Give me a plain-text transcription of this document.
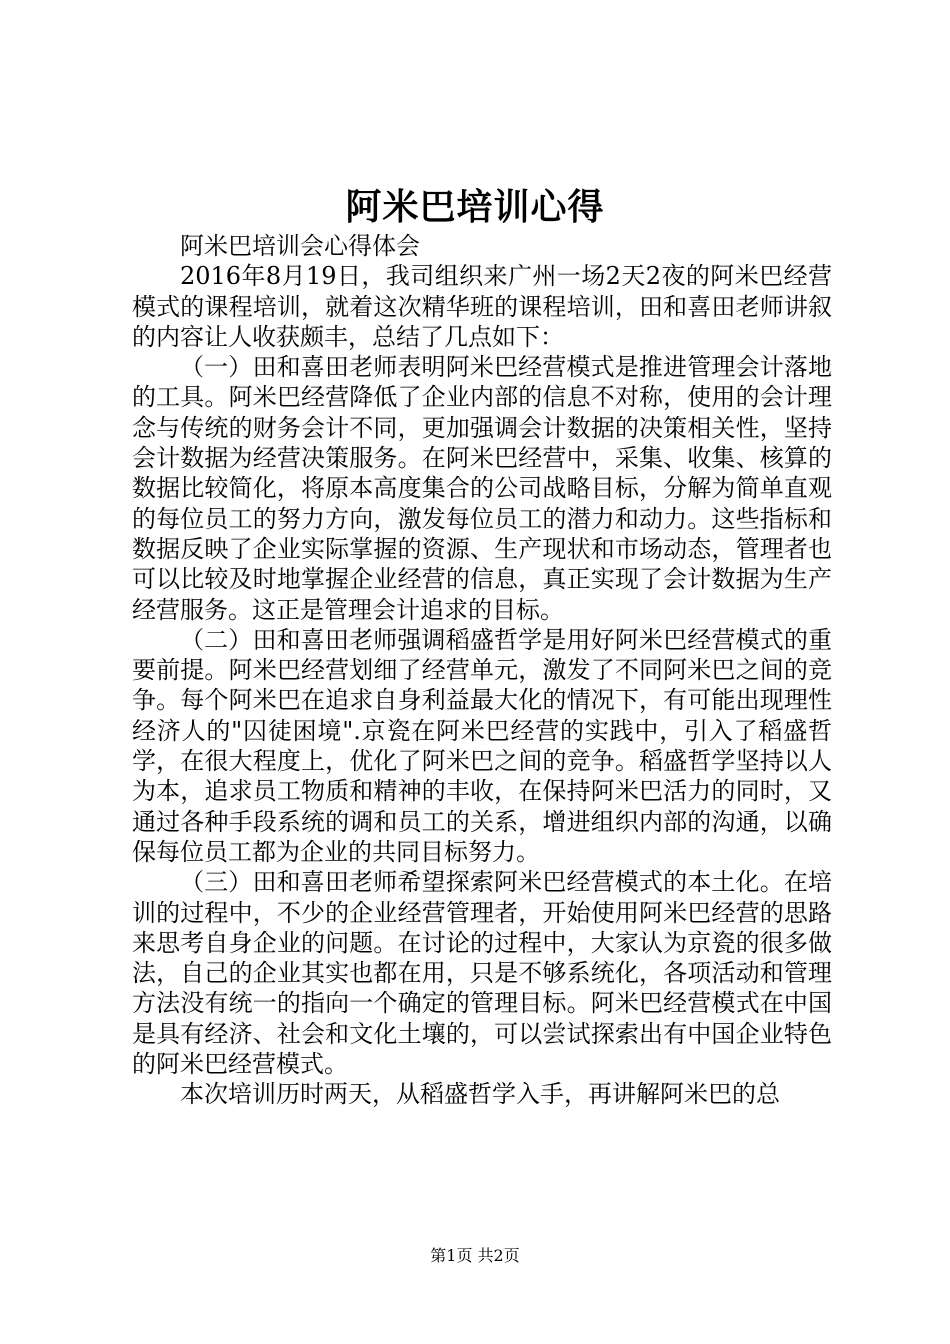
阿米巴培训心得

阿米巴培训会心得体会

2016年8月19日，我司组织来广州一场2天2夜的阿米巴经营模式的课程培训，就着这次精华班的课程培训，田和喜田老师讲叙的内容让人收获颇丰，总结了几点如下：

（一）田和喜田老师表明阿米巴经营模式是推进管理会计落地的工具。阿米巴经营降低了企业内部的信息不对称，使用的会计理念与传统的财务会计不同，更加强调会计数据的决策相关性，坚持会计数据为经营决策服务。在阿米巴经营中，采集、收集、核算的数据比较简化，将原本高度集合的公司战略目标，分解为简单直观的每位员工的努力方向，激发每位员工的潜力和动力。这些指标和数据反映了企业实际掌握的资源、生产现状和市场动态，管理者也可以比较及时地掌握企业经营的信息，真正实现了会计数据为生产经营服务。这正是管理会计追求的目标。

（二）田和喜田老师强调稻盛哲学是用好阿米巴经营模式的重要前提。阿米巴经营划细了经营单元，激发了不同阿米巴之间的竞争。每个阿米巴在追求自身利益最大化的情况下，有可能出现理性经济人的"囚徒困境".京瓷在阿米巴经营的实践中，引入了稻盛哲学，在很大程度上，优化了阿米巴之间的竞争。稻盛哲学坚持以人为本，追求员工物质和精神的丰收，在保持阿米巴活力的同时，又通过各种手段系统的调和员工的关系，增进组织内部的沟通，以确保每位员工都为企业的共同目标努力。

（三）田和喜田老师希望探索阿米巴经营模式的本土化。在培训的过程中，不少的企业经营管理者，开始使用阿米巴经营的思路来思考自身企业的问题。在讨论的过程中，大家认为京瓷的很多做法，自己的企业其实也都在用，只是不够系统化，各项活动和管理方法没有统一的指向一个确定的管理目标。阿米巴经营模式在中国是具有经济、社会和文化土壤的，可以尝试探索出有中国企业特色的阿米巴经营模式。

本次培训历时两天，从稻盛哲学入手，再讲解阿米巴的总

第1页 共2页
